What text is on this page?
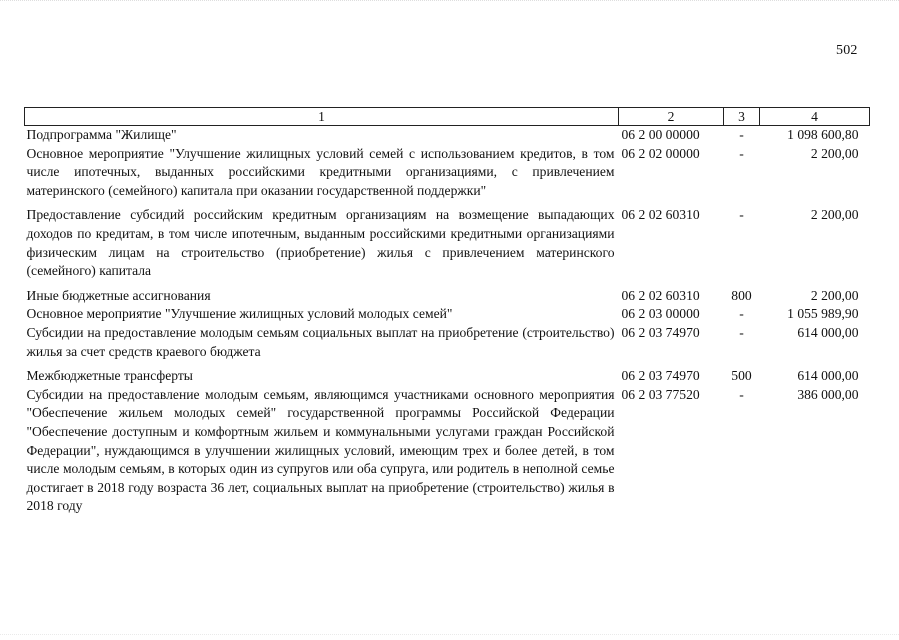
502
1	2	3	4
Подпрограмма "Жилище"	06 2 00 00000	-	1 098 600,80
Основное мероприятие "Улучшение жилищных условий семей с использованием кредитов, в том числе ипотечных, выданных российскими кредитными организациями, с привлечением материнского (семейного) капитала при оказании государственной поддержки"	06 2 02 00000	-	2 200,00
Предоставление субсидий российским кредитным организациям на возмещение выпадающих доходов по кредитам, в том числе ипотечным, выданным российскими кредитными организациями физическим лицам на строительство (приобретение) жилья с привлечением материнского (семейного) капитала	06 2 02 60310	-	2 200,00
Иные бюджетные ассигнования	06 2 02 60310	800	2 200,00
Основное мероприятие "Улучшение жилищных условий молодых семей"	06 2 03 00000	-	1 055 989,90
Субсидии на предоставление молодым семьям социальных выплат на приобретение (строительство) жилья за счет средств краевого бюджета	06 2 03 74970	-	614 000,00
Межбюджетные трансферты	06 2 03 74970	500	614 000,00
Субсидии на предоставление молодым семьям, являющимся участниками основного мероприятия "Обеспечение жильем молодых семей" государственной программы Российской Федерации "Обеспечение доступным и комфортным жильем и коммунальными услугами граждан Российской Федерации", нуждающимся в улучшении жилищных условий, имеющим трех и более детей, в том числе молодым семьям, в которых один из супругов или оба супруга, или родитель в неполной семье достигает в 2018 году возраста 36 лет, социальных выплат на приобретение (строительство) жилья в 2018 году	06 2 03 77520	-	386 000,00
